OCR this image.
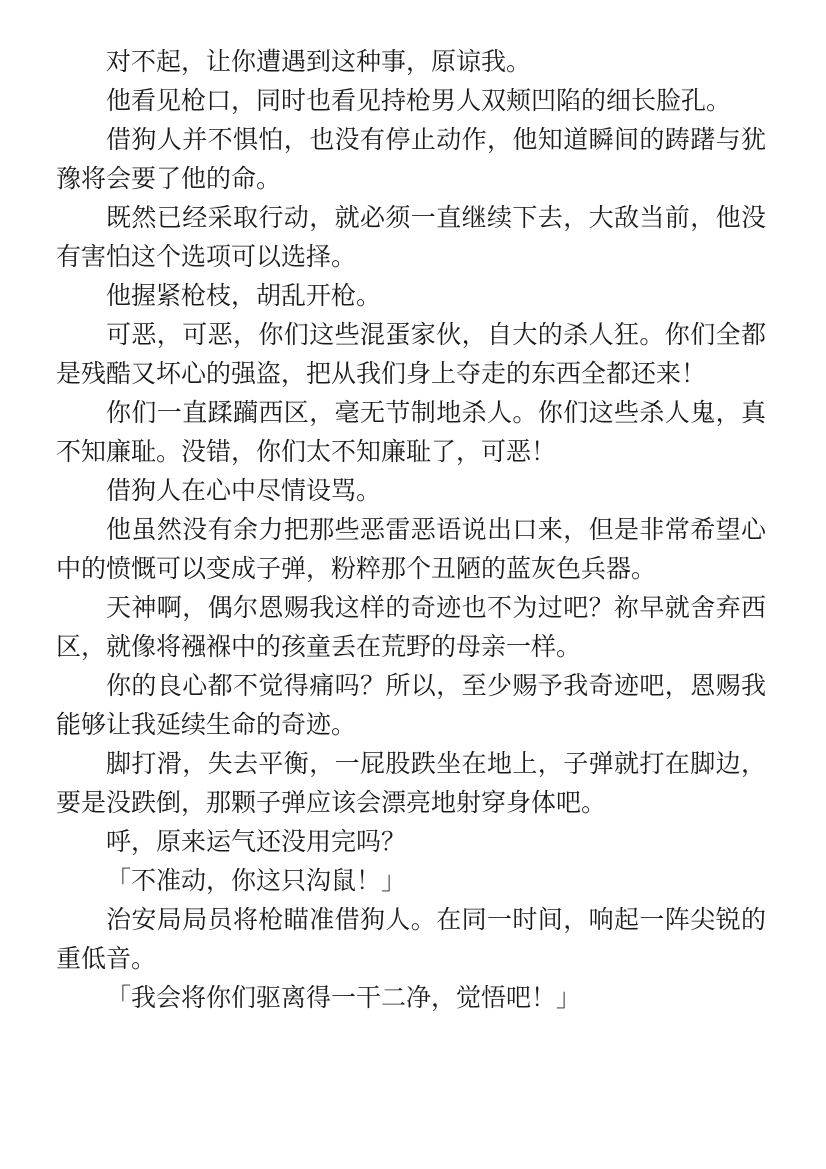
对不起，让你遭遇到这种事，原谅我。

他看见枪口，同时也看见持枪男人双颊凹陷的细长脸孔。

借狗人并不惧怕，也没有停止动作，他知道瞬间的踌躇与犹豫将会要了他的命。

既然已经采取行动，就必须一直继续下去，大敌当前，他没有害怕这个选项可以选择。

他握紧枪枝，胡乱开枪。

可恶，可恶，你们这些混蛋家伙，自大的杀人狂。你们全都是残酷又坏心的强盗，把从我们身上夺走的东西全都还来！

你们一直蹂躏西区，毫无节制地杀人。你们这些杀人鬼，真不知廉耻。没错，你们太不知廉耻了，可恶！

借狗人在心中尽情设骂。

他虽然没有余力把那些恶雷恶语说出口来，但是非常希望心中的愤慨可以变成子弹，粉粹那个丑陋的蓝灰色兵器。

天神啊，偶尔恩赐我这样的奇迹也不为过吧？祢早就舍弃西区，就像将襁褓中的孩童丢在荒野的母亲一样。

你的良心都不觉得痛吗？所以，至少赐予我奇迹吧，恩赐我能够让我延续生命的奇迹。

脚打滑，失去平衡，一屁股跌坐在地上，子弹就打在脚边，要是没跌倒，那颗子弹应该会漂亮地射穿身体吧。

呼，原来运气还没用完吗？

「不准动，你这只沟鼠！」

治安局局员将枪瞄准借狗人。在同一时间，响起一阵尖锐的重低音。

「我会将你们驱离得一干二净，觉悟吧！」
